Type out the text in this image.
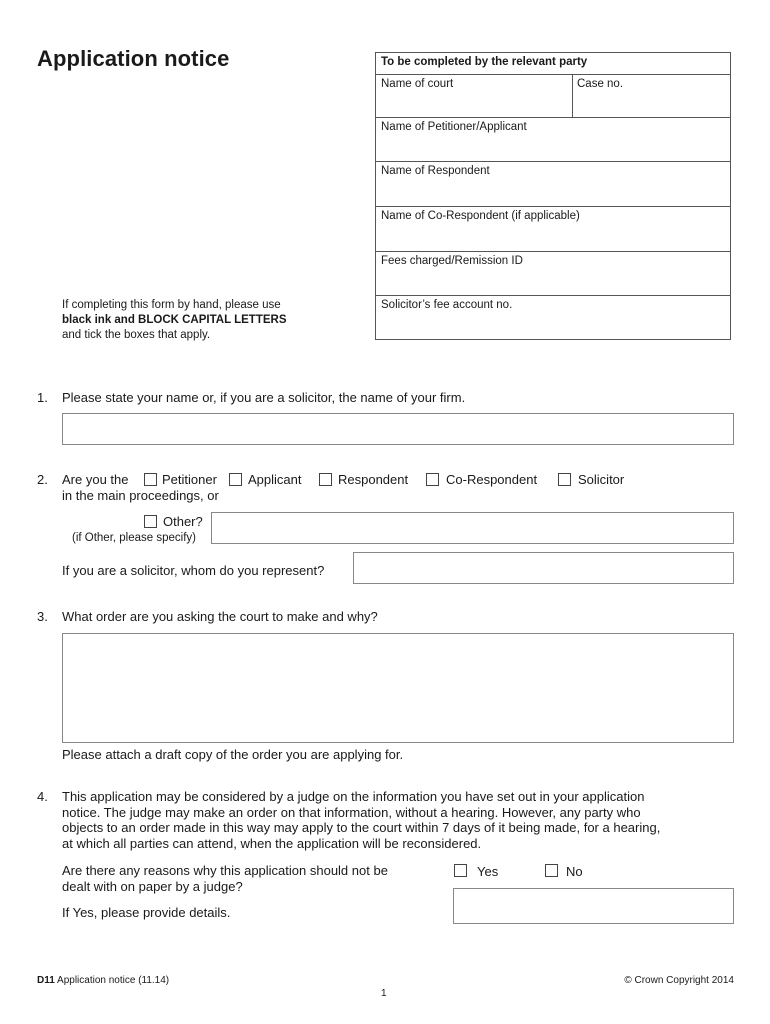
Application notice	To be completed by the relevant party
Name of court	Case no.
Name of Petitioner/Applicant
Name of Respondent
Name of Co-Respondent (if applicable)
Fees charged/Remission ID
Solicitor’s fee account no.
If completing this form by hand, please use
black ink and BLOCK CAPITAL LETTERS
and tick the boxes that apply.
1. Please state your name or, if you are a solicitor, the name of your firm.
2. Are you the	Petitioner Applicant	Respondent	Co-Respondent	Solicitor
in the main proceedings, or
Other?
(if Other, please specify)
If you are a solicitor, whom do you represent?
3. What order are you asking the court to make and why?
Please attach a draft copy of the order you are applying for.
4. This application may be considered by a judge on the information you have set out in your application
notice. The judge may make an order on that information, without a hearing. However, any party who
objects to an order made in this way may apply to the court within 7 days of it being made, for a hearing,
at which all parties can attend, when the application will be reconsidered.
Are there any reasons why this application should not be
dealt with on paper by a judge?
Yes	No
If Yes, please provide details.
D11 Application notice (11.14)	© Crown Copyright 2014
1
